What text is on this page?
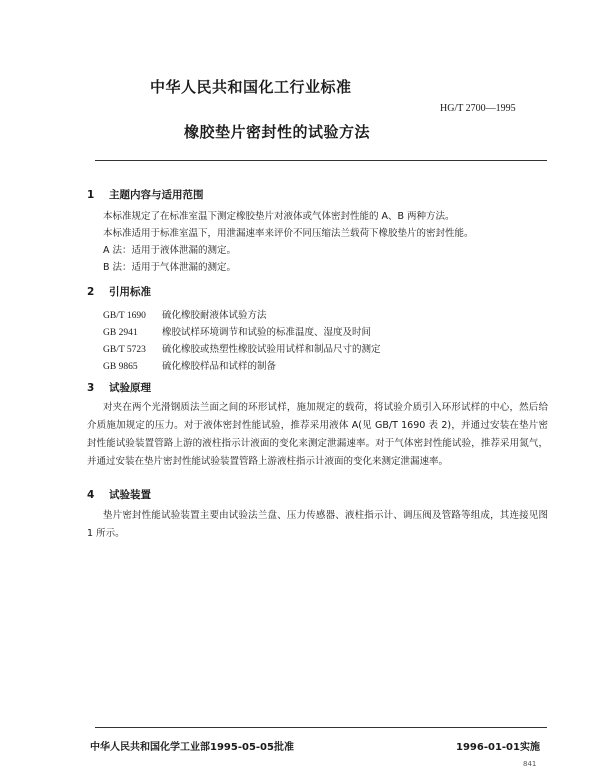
中华人民共和国化工行业标准
HG/T 2700—1995
橡胶垫片密封性的试验方法
1 主题内容与适用范围
本标准规定了在标准室温下测定橡胶垫片对液体或气体密封性能的 A、B 两种方法。
本标准适用于标准室温下，用泄漏速率来评价不同压缩法兰载荷下橡胶垫片的密封性能。
A 法：适用于液体泄漏的测定。
B 法：适用于气体泄漏的测定。
2 引用标准
GB/T 1690 硫化橡胶耐液体试验方法
GB 2941	橡胶试样环境调节和试验的标准温度、湿度及时间
GB/T 5723 硫化橡胶或热塑性橡胶试验用试样和制品尺寸的测定
GB 9865	硫化橡胶样品和试样的制备
3 试验原理
对夹在两个光滑钢质法兰面之间的环形试样，施加规定的载荷，将试验介质引入环形试样的中心，然后给介质施加规定的压力。对于液体密封性能试验，推荐采用液体 A(见 GB/T 1690 表 2)，并通过安装在垫片密封性能试验装置管路上游的液柱指示计液面的变化来测定泄漏速率。对于气体密封性能试验，推荐采用氮气，并通过安装在垫片密封性能试验装置管路上游液柱指示计液面的变化来测定泄漏速率。
4 试验装置
垫片密封性能试验装置主要由试验法兰盘、压力传感器、液柱指示计、调压阀及管路等组成，其连接见图 1 所示。
中华人民共和国化学工业部1995-05-05批准	1996-01-01实施
841
